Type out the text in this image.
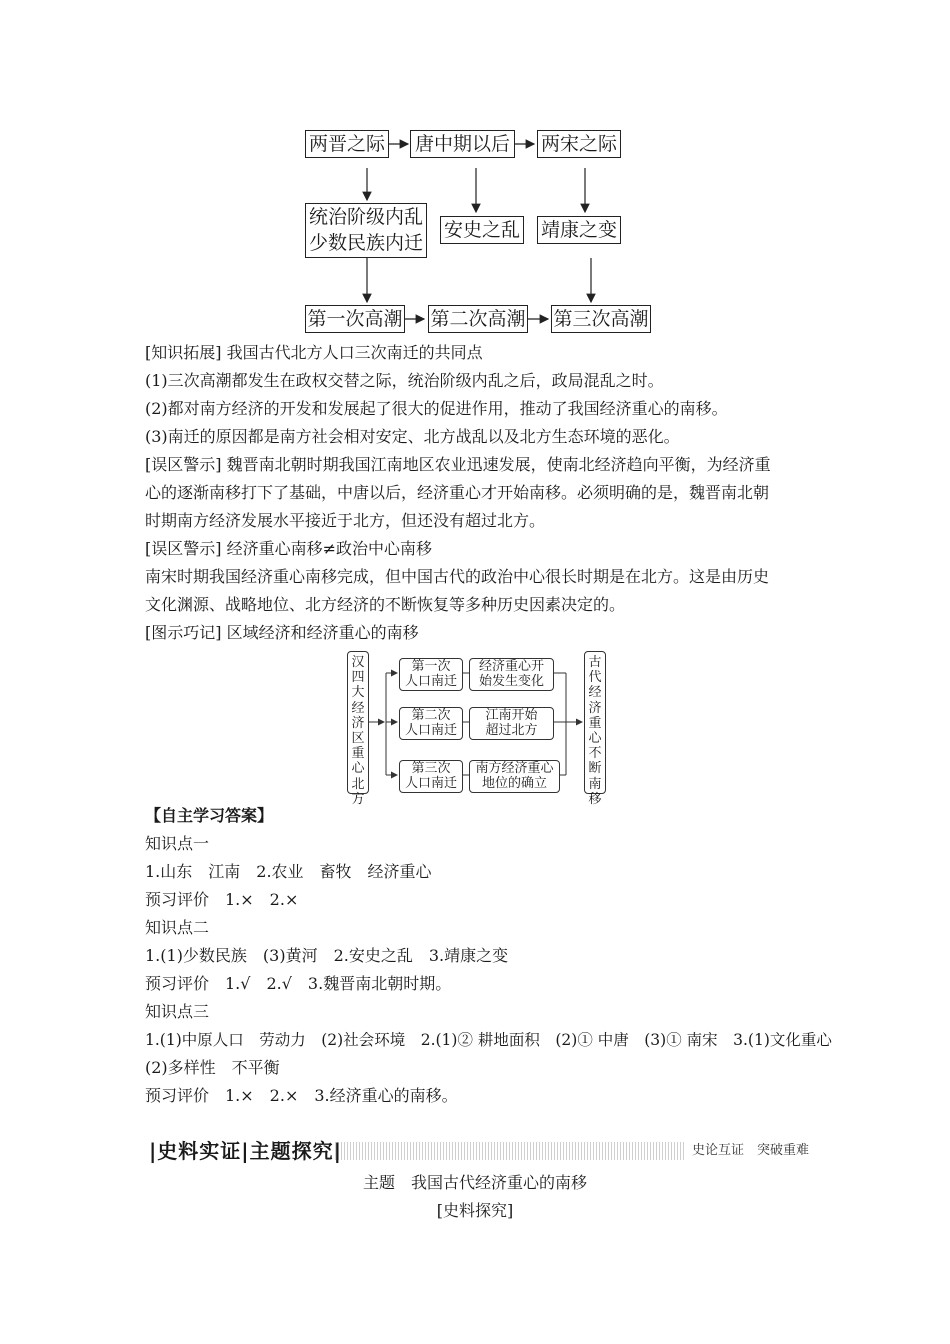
两晋之际 唐中期以后 两宋之际
统治阶级内乱
少数民族内迁
安史之乱 靖康之变
第一次高潮 第二次高潮 第三次高潮
[知识拓展] 我国古代北方人口三次南迁的共同点
(1)三次高潮都发生在政权交替之际，统治阶级内乱之后，政局混乱之时。
(2)都对南方经济的开发和发展起了很大的促进作用，推动了我国经济重心的南移。
(3)南迁的原因都是南方社会相对安定、北方战乱以及北方生态环境的恶化。
[误区警示] 魏晋南北朝时期我国江南地区农业迅速发展，使南北经济趋向平衡，为经济重
心的逐渐南移打下了基础，中唐以后，经济重心才开始南移。必须明确的是，魏晋南北朝
时期南方经济发展水平接近于北方，但还没有超过北方。
[误区警示] 经济重心南移≠政治中心南移
南宋时期我国经济重心南移完成，但中国古代的政治中心很长时期是在北方。这是由历史
文化渊源、战略地位、北方经济的不断恢复等多种历史因素决定的。
[图示巧记] 区域经济和经济重心的南移
汉四大经济区 重心北方
第一次
人口南迁
第二次
人口南迁
第三次
人口南迁
经济重心开
始发生变化
江南开始
超过北方
南方经济重心
地位的确立
古代经济重心不断南移
【自主学习答案】
知识点一
1.山东　江南　2.农业　畜牧　经济重心
预习评价　1.×　2.×
知识点二
1.(1)少数民族　(3)黄河　2.安史之乱　3.靖康之变
预习评价　1.√　2.√　3.魏晋南北朝时期。
知识点三
1.(1)中原人口　劳动力　(2)社会环境　2.(1)② 耕地面积　(2)① 中唐　(3)① 南宋　3.(1)文化重心
(2)多样性　不平衡
预习评价　1.×　2.×　3.经济重心的南移。
|史料实证|主题探究|	史论互证　突破重难
主题　我国古代经济重心的南移
[史料探究]
